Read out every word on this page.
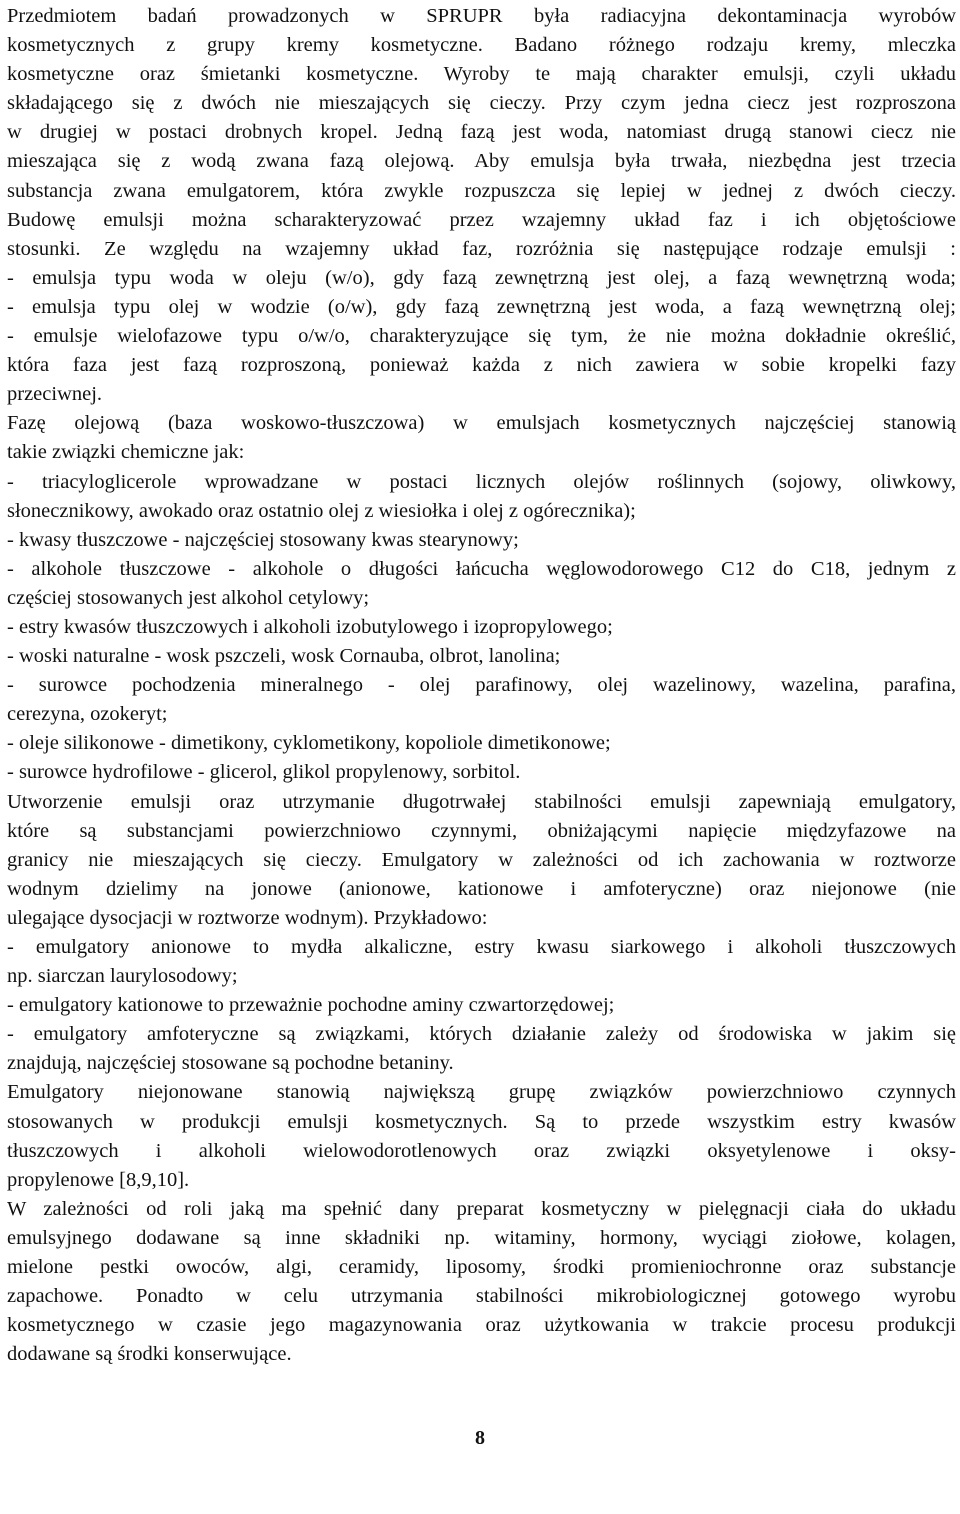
Przedmiotem badań prowadzonych w SPRUPR była radiacyjna dekontaminacja wyrobów
kosmetycznych z grupy kremy kosmetyczne. Badano różnego rodzaju kremy, mleczka
kosmetyczne oraz śmietanki kosmetyczne. Wyroby te mają charakter emulsji, czyli układu
składającego się z dwóch nie mieszających się cieczy. Przy czym jedna ciecz jest rozproszona
w drugiej w postaci drobnych kropel. Jedną fazą jest woda, natomiast drugą stanowi ciecz nie
mieszająca się z wodą zwana fazą olejową. Aby emulsja była trwała, niezbędna jest trzecia
substancja zwana emulgatorem, która zwykle rozpuszcza się lepiej w jednej z dwóch cieczy.
Budowę emulsji można scharakteryzować przez wzajemny układ faz i ich objętościowe
stosunki. Ze względu na wzajemny układ faz, rozróżnia się następujące rodzaje emulsji :
- emulsja typu woda w oleju (w/o), gdy fazą zewnętrzną jest olej, a fazą wewnętrzną woda;
- emulsja typu olej w wodzie (o/w), gdy fazą zewnętrzną jest woda, a fazą wewnętrzną olej;
- emulsje wielofazowe typu o/w/o, charakteryzujące się tym, że nie można dokładnie określić,
która faza jest fazą rozproszoną, ponieważ każda z nich zawiera w sobie kropelki fazy
przeciwnej.
Fazę olejową (baza woskowo-tłuszczowa) w emulsjach kosmetycznych najczęściej stanowią
takie związki chemiczne jak:
- triacyloglicerole wprowadzane w postaci licznych olejów roślinnych (sojowy, oliwkowy,
słonecznikowy, awokado oraz ostatnio olej z wiesiołka i olej z ogórecznika);
- kwasy tłuszczowe - najczęściej stosowany kwas stearynowy;
- alkohole tłuszczowe - alkohole o długości łańcucha węglowodorowego C12 do C18, jednym z
częściej stosowanych jest alkohol cetylowy;
- estry kwasów tłuszczowych i alkoholi izobutylowego i izopropylowego;
- woski naturalne - wosk pszczeli, wosk Cornauba, olbrot, lanolina;
- surowce pochodzenia mineralnego - olej parafinowy, olej wazelinowy, wazelina, parafina,
cerezyna, ozokeryt;
- oleje silikonowe - dimetikony, cyklometikony, kopoliole dimetikonowe;
- surowce hydrofilowe - glicerol, glikol propylenowy, sorbitol.
Utworzenie emulsji oraz utrzymanie długotrwałej stabilności emulsji zapewniają emulgatory,
które są substancjami powierzchniowo czynnymi, obniżającymi napięcie międzyfazowe na
granicy nie mieszających się cieczy. Emulgatory w zależności od ich zachowania w roztworze
wodnym dzielimy na jonowe (anionowe, kationowe i amfoteryczne) oraz niejonowe (nie
ulegające dysocjacji w roztworze wodnym). Przykładowo:
- emulgatory anionowe to mydła alkaliczne, estry kwasu siarkowego i alkoholi tłuszczowych
np. siarczan laurylosodowy;
- emulgatory kationowe to przeważnie pochodne aminy czwartorzędowej;
- emulgatory amfoteryczne są związkami, których działanie zależy od środowiska w jakim się
znajdują, najczęściej stosowane są pochodne betaniny.
Emulgatory niejonowane stanowią największą grupę związków powierzchniowo czynnych
stosowanych w produkcji emulsji kosmetycznych. Są to przede wszystkim estry kwasów
tłuszczowych i alkoholi wielowodorotlenowych oraz związki oksyetylenowe i oksy-
propylenowe [8,9,10].
W zależności od roli jaką ma spełnić dany preparat kosmetyczny w pielęgnacji ciała do układu
emulsyjnego dodawane są inne składniki np. witaminy, hormony, wyciągi ziołowe, kolagen,
mielone pestki owoców, algi, ceramidy, liposomy, środki promieniochronne oraz substancje
zapachowe. Ponadto w celu utrzymania stabilności mikrobiologicznej gotowego wyrobu
kosmetycznego w czasie jego magazynowania oraz użytkowania w trakcie procesu produkcji
dodawane są środki konserwujące.
8
